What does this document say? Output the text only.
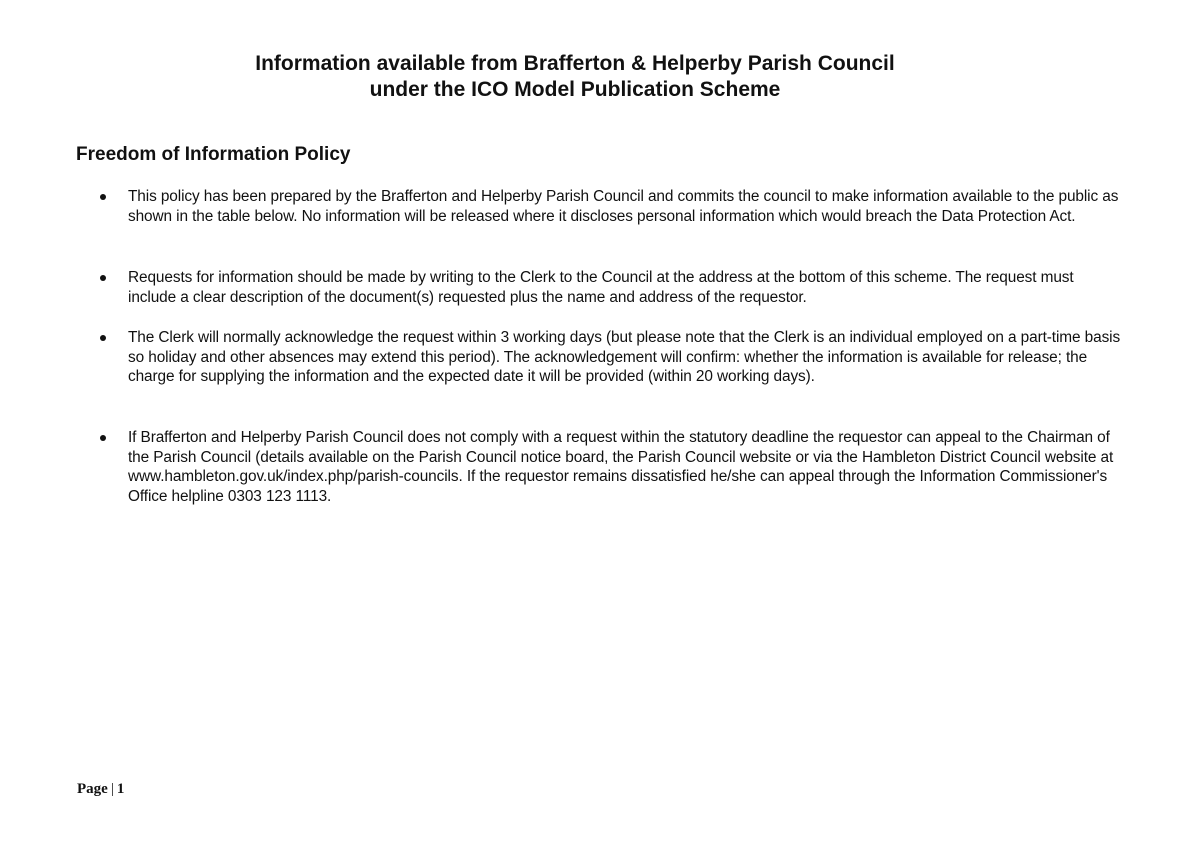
Information available from Brafferton & Helperby Parish Council
under the ICO Model Publication Scheme
Freedom of Information Policy
This policy has been prepared by the Brafferton and Helperby Parish Council and commits the council to make information available to the public as shown in the table below. No information will be released where it discloses personal information which would breach the Data Protection Act.
Requests for information should be made by writing to the Clerk to the Council at the address at the bottom of this scheme. The request must include a clear description of the document(s) requested plus the name and address of the requestor.
The Clerk will normally acknowledge the request within 3 working days (but please note that the Clerk is an individual employed on a part-time basis so holiday and other absences may extend this period). The acknowledgement will confirm: whether the information is available for release; the charge for supplying the information and the expected date it will be provided (within 20 working days).
If Brafferton and Helperby Parish Council does not comply with a request within the statutory deadline the requestor can appeal to the Chairman of the Parish Council (details available on the Parish Council notice board, the Parish Council website or via the Hambleton District Council website at www.hambleton.gov.uk/index.php/parish-councils. If the requestor remains dissatisfied he/she can appeal through the Information Commissioner's Office helpline 0303 123 1113.
Page | 1
